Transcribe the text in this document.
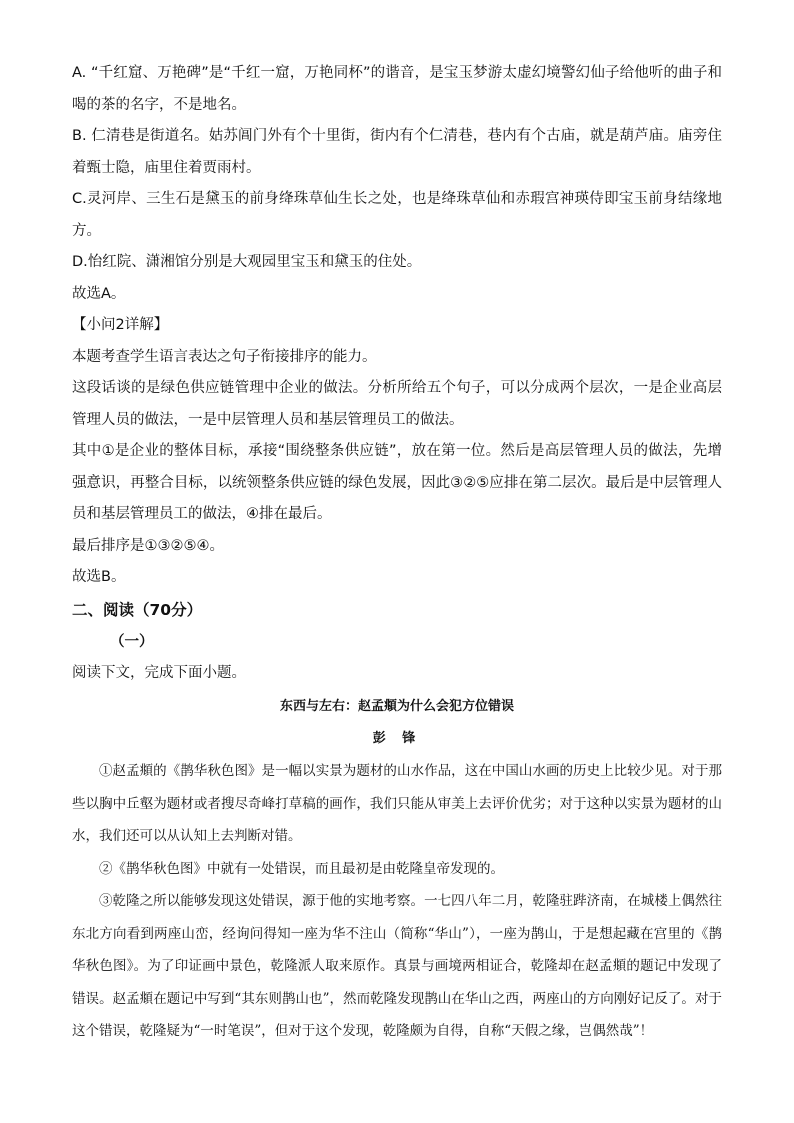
A. “千红窟、万艳碑”是“千红一窟，万艳同杯”的谐音，是宝玉梦游太虚幻境警幻仙子给他听的曲子和喝的茶的名字，不是地名。

B. 仁清巷是街道名。姑苏阊门外有个十里街，街内有个仁清巷，巷内有个古庙，就是葫芦庙。庙旁住着甄士隐，庙里住着贾雨村。

C.灵河岸、三生石是黛玉的前身绛珠草仙生长之处，也是绛珠草仙和赤瑕宫神瑛侍即宝玉前身结缘地方。

D.怡红院、潇湘馆分别是大观园里宝玉和黛玉的住处。

故选A。

【小问2详解】

本题考查学生语言表达之句子衔接排序的能力。

这段话谈的是绿色供应链管理中企业的做法。分析所给五个句子，可以分成两个层次，一是企业高层管理人员的做法，一是中层管理人员和基层管理员工的做法。

其中①是企业的整体目标，承接“围绕整条供应链”，放在第一位。然后是高层管理人员的做法，先增强意识，再整合目标，以统领整条供应链的绿色发展，因此③②⑤应排在第二层次。最后是中层管理人员和基层管理员工的做法，④排在最后。

最后排序是①③②⑤④。

故选B。

二、阅读（70分）

（一）

阅读下文，完成下面小题。

东西与左右：赵孟頫为什么会犯方位错误

彭 锋

①赵孟頫的《鹊华秋色图》是一幅以实景为题材的山水作品，这在中国山水画的历史上比较少见。对于那些以胸中丘壑为题材或者搜尽奇峰打草稿的画作，我们只能从审美上去评价优劣；对于这种以实景为题材的山水，我们还可以从认知上去判断对错。

②《鹊华秋色图》中就有一处错误，而且最初是由乾隆皇帝发现的。

③乾隆之所以能够发现这处错误，源于他的实地考察。一七四八年二月，乾隆驻跸济南，在城楼上偶然往东北方向看到两座山峦，经询问得知一座为华不注山（简称“华山”），一座为鹊山，于是想起藏在宫里的《鹊华秋色图》。为了印证画中景色，乾隆派人取来原作。真景与画境两相证合，乾隆却在赵孟頫的题记中发现了错误。赵孟頫在题记中写到“其东则鹊山也”，然而乾隆发现鹊山在华山之西，两座山的方向刚好记反了。对于这个错误，乾隆疑为“一时笔误”，但对于这个发现，乾隆颇为自得，自称“天假之缘，岂偶然哉”！
